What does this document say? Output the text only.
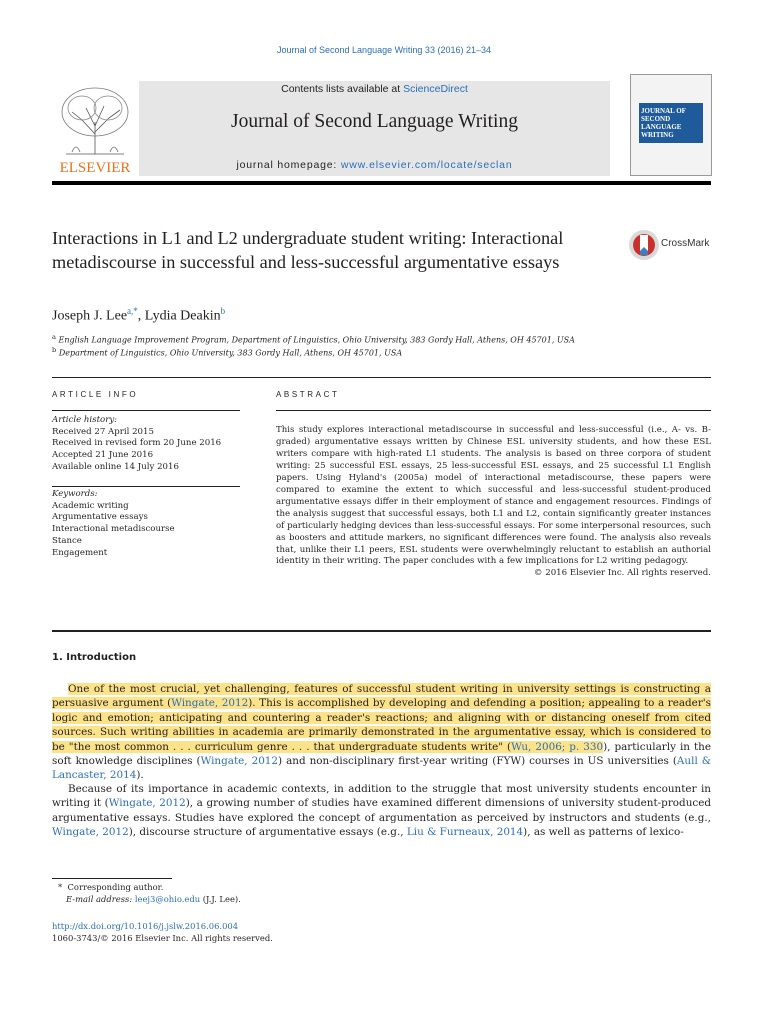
Journal of Second Language Writing 33 (2016) 21–34
ELSEVIER
Contents lists available at ScienceDirect
Journal of Second Language Writing
journal homepage: www.elsevier.com/locate/seclan
JOURNAL OF
SECOND
LANGUAGE
WRITING
Interactions in L1 and L2 undergraduate student writing: Interactional metadiscourse in successful and less-successful argumentative essays
CrossMark
Joseph J. Lee$^{a,*}$, Lydia Deakin$^b$
$^a$ English Language Improvement Program, Department of Linguistics, Ohio University, 383 Gordy Hall, Athens, OH 45701, USA
$^b$ Department of Linguistics, Ohio University, 383 Gordy Hall, Athens, OH 45701, USA
ARTICLE INFO	ABSTRACT
Article history:
Received 27 April 2015
Received in revised form 20 June 2016
Accepted 21 June 2016
Available online 14 July 2016
Keywords:
Academic writing
Argumentative essays
Interactional metadiscourse
Stance
Engagement
This study explores interactional metadiscourse in successful and less-successful (i.e., A- vs. B-graded) argumentative essays written by Chinese ESL university students, and how these ESL writers compare with high-rated L1 students. The analysis is based on three corpora of student writing: 25 successful ESL essays, 25 less-successful ESL essays, and 25 successful L1 English papers. Using Hyland's (2005a) model of interactional metadiscourse, these papers were compared to examine the extent to which successful and less-successful student-produced argumentative essays differ in their employment of stance and engagement resources. Findings of the analysis suggest that successful essays, both L1 and L2, contain significantly greater instances of particularly hedging devices than less-successful essays. For some interpersonal resources, such as boosters and attitude markers, no significant differences were found. The analysis also reveals that, unlike their L1 peers, ESL students were overwhelmingly reluctant to establish an authorial identity in their writing. The paper concludes with a few implications for L2 writing pedagogy.
© 2016 Elsevier Inc. All rights reserved.
1. Introduction
One of the most crucial, yet challenging, features of successful student writing in university settings is constructing a persuasive argument (Wingate, 2012). This is accomplished by developing and defending a position; appealing to a reader's logic and emotion; anticipating and countering a reader's reactions; and aligning with or distancing oneself from cited sources. Such writing abilities in academia are primarily demonstrated in the argumentative essay, which is considered to be "the most common . . . curriculum genre . . . that undergraduate students write" (Wu, 2006; p. 330), particularly in the soft knowledge disciplines (Wingate, 2012) and non-disciplinary first-year writing (FYW) courses in US universities (Aull & Lancaster, 2014).
Because of its importance in academic contexts, in addition to the struggle that most university students encounter in writing it (Wingate, 2012), a growing number of studies have examined different dimensions of university student-produced argumentative essays. Studies have explored the concept of argumentation as perceived by instructors and students (e.g., Wingate, 2012), discourse structure of argumentative essays (e.g., Liu & Furneaux, 2014), as well as patterns of lexico-
* Corresponding author.
E-mail address: leej3@ohio.edu (J.J. Lee).
http://dx.doi.org/10.1016/j.jslw.2016.06.004
1060-3743/© 2016 Elsevier Inc. All rights reserved.
